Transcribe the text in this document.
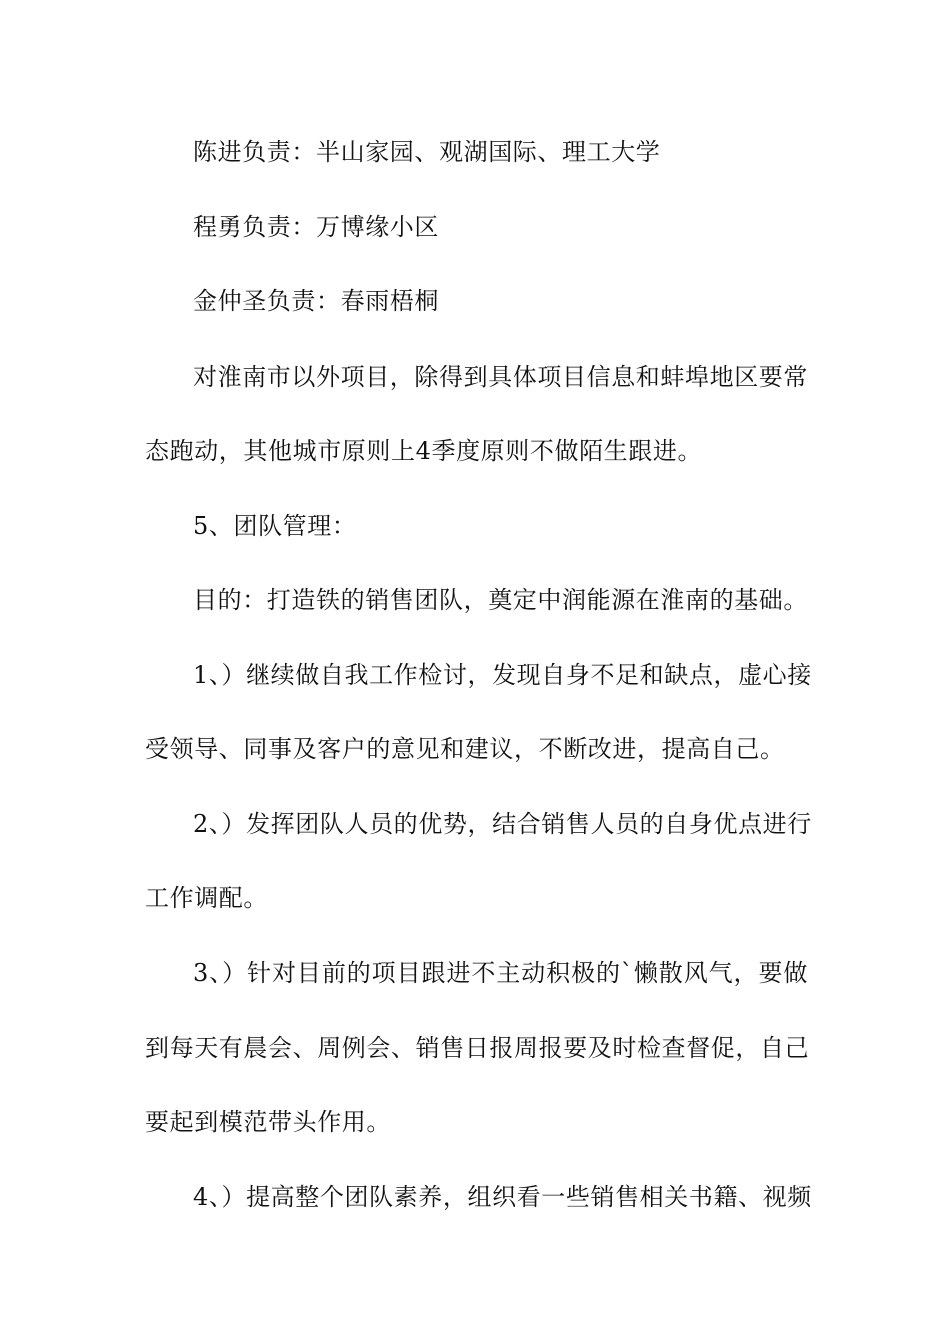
陈进负责：半山家园、观湖国际、理工大学

程勇负责：万博缘小区

金仲圣负责：春雨梧桐

对淮南市以外项目，除得到具体项目信息和蚌埠地区要常

态跑动，其他城市原则上4季度原则不做陌生跟进。

5、团队管理：

目的：打造铁的销售团队，奠定中润能源在淮南的基础。

1、）继续做自我工作检讨，发现自身不足和缺点，虚心接

受领导、同事及客户的意见和建议，不断改进，提高自己。

2、）发挥团队人员的优势，结合销售人员的自身优点进行

工作调配。

3、）针对目前的项目跟进不主动积极的`懒散风气，要做

到每天有晨会、周例会、销售日报周报要及时检查督促，自己

要起到模范带头作用。

4、）提高整个团队素养，组织看一些销售相关书籍、视频
